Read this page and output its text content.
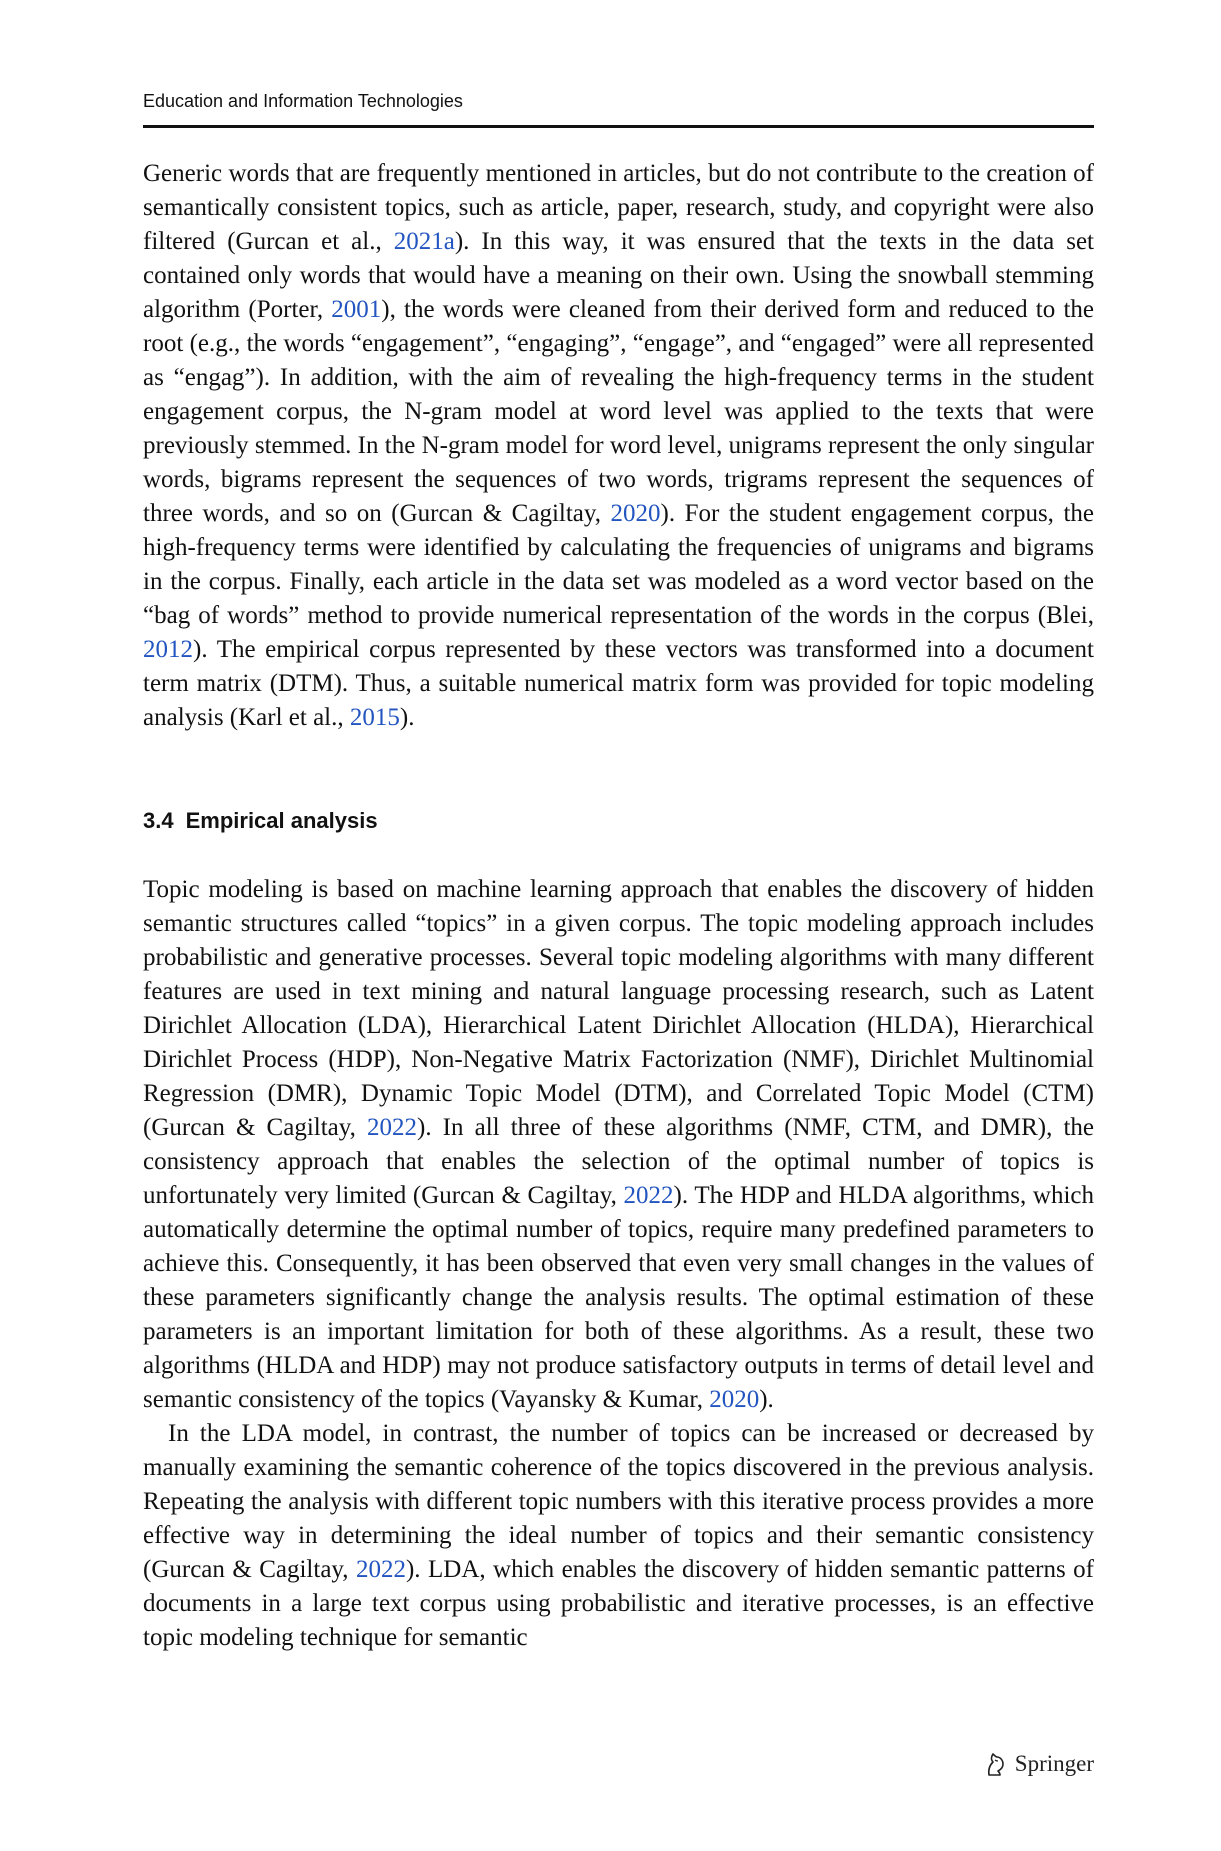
Education and Information Technologies

Generic words that are frequently mentioned in articles, but do not contribute to the creation of semantically consistent topics, such as article, paper, research, study, and copyright were also filtered (Gurcan et al., 2021a). In this way, it was ensured that the texts in the data set contained only words that would have a meaning on their own. Using the snowball stemming algorithm (Porter, 2001), the words were cleaned from their derived form and reduced to the root (e.g., the words “engagement”, “engaging”, “engage”, and “engaged” were all represented as “engag”). In addition, with the aim of revealing the high-frequency terms in the student engagement corpus, the N-gram model at word level was applied to the texts that were previously stemmed. In the N-gram model for word level, unigrams represent the only singular words, bigrams represent the sequences of two words, trigrams represent the sequences of three words, and so on (Gurcan & Cagiltay, 2020). For the student engagement corpus, the high-frequency terms were identified by calculating the frequencies of unigrams and bigrams in the corpus. Finally, each article in the data set was modeled as a word vector based on the “bag of words” method to provide numerical representation of the words in the corpus (Blei, 2012). The empirical corpus represented by these vectors was transformed into a document term matrix (DTM). Thus, a suitable numerical matrix form was provided for topic modeling analysis (Karl et al., 2015).

3.4 Empirical analysis

Topic modeling is based on machine learning approach that enables the discovery of hidden semantic structures called “topics” in a given corpus. The topic modeling approach includes probabilistic and generative processes. Several topic modeling algorithms with many different features are used in text mining and natural language processing research, such as Latent Dirichlet Allocation (LDA), Hierarchical Latent Dirichlet Allocation (HLDA), Hierarchical Dirichlet Process (HDP), Non-Negative Matrix Factorization (NMF), Dirichlet Multinomial Regression (DMR), Dynamic Topic Model (DTM), and Correlated Topic Model (CTM) (Gurcan & Cagiltay, 2022). In all three of these algorithms (NMF, CTM, and DMR), the consistency approach that enables the selection of the optimal number of topics is unfortunately very limited (Gurcan & Cagiltay, 2022). The HDP and HLDA algorithms, which automatically determine the optimal number of topics, require many predefined parameters to achieve this. Consequently, it has been observed that even very small changes in the values of these parameters significantly change the analysis results. The optimal estimation of these parameters is an important limitation for both of these algorithms. As a result, these two algorithms (HLDA and HDP) may not produce satisfactory outputs in terms of detail level and semantic consistency of the topics (Vayansky & Kumar, 2020).

In the LDA model, in contrast, the number of topics can be increased or decreased by manually examining the semantic coherence of the topics discovered in the previous analysis. Repeating the analysis with different topic numbers with this iterative process provides a more effective way in determining the ideal number of topics and their semantic consistency (Gurcan & Cagiltay, 2022). LDA, which enables the discovery of hidden semantic patterns of documents in a large text corpus using probabilistic and iterative processes, is an effective topic modeling technique for semantic

Springer
